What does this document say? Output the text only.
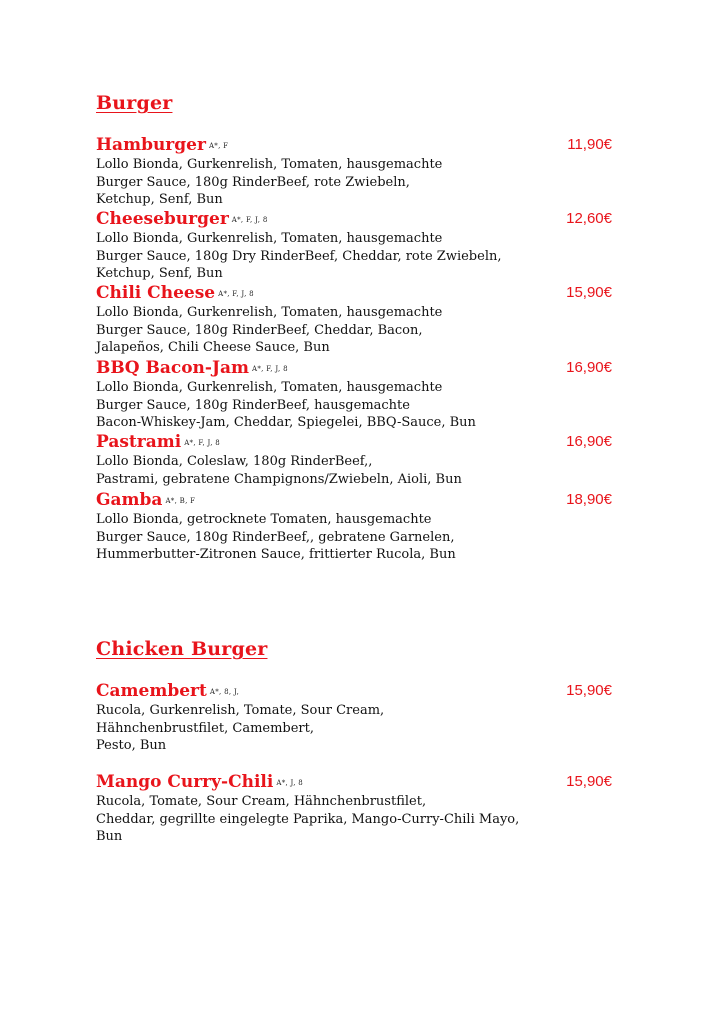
Burger
Hamburger A*, F	11,90€
Lollo Bionda, Gurkenrelish, Tomaten, hausgemachte
Burger Sauce, 180g RinderBeef, rote Zwiebeln,
Ketchup, Senf, Bun
Cheeseburger A*, F, J, 8	12,60€
Lollo Bionda, Gurkenrelish, Tomaten, hausgemachte
Burger Sauce, 180g Dry RinderBeef, Cheddar, rote Zwiebeln,
Ketchup, Senf, Bun
Chili Cheese A*, F, J, 8	15,90€
Lollo Bionda, Gurkenrelish, Tomaten, hausgemachte
Burger Sauce, 180g RinderBeef, Cheddar, Bacon,
Jalapeños, Chili Cheese Sauce, Bun
BBQ Bacon-Jam A*, F, J, 8	16,90€
Lollo Bionda, Gurkenrelish, Tomaten, hausgemachte
Burger Sauce, 180g RinderBeef, hausgemachte
Bacon-Whiskey-Jam, Cheddar, Spiegelei, BBQ-Sauce, Bun
Pastrami A*, F, J, 8	16,90€
Lollo Bionda, Coleslaw, 180g RinderBeef,,
Pastrami, gebratene Champignons/Zwiebeln, Aioli, Bun
Gamba A*, B, F	18,90€
Lollo Bionda, getrocknete Tomaten, hausgemachte
Burger Sauce, 180g RinderBeef,, gebratene Garnelen,
Hummerbutter-Zitronen Sauce, frittierter Rucola, Bun
Chicken Burger
Camembert A*, 8, J,	15,90€
Rucola, Gurkenrelish, Tomate, Sour Cream,
Hähnchenbrustfilet, Camembert,
Pesto, Bun
Mango Curry-Chili A*, J, 8	15,90€
Rucola, Tomate, Sour Cream, Hähnchenbrustfilet,
Cheddar, gegrillte eingelegte Paprika, Mango-Curry-Chili Mayo,
Bun
